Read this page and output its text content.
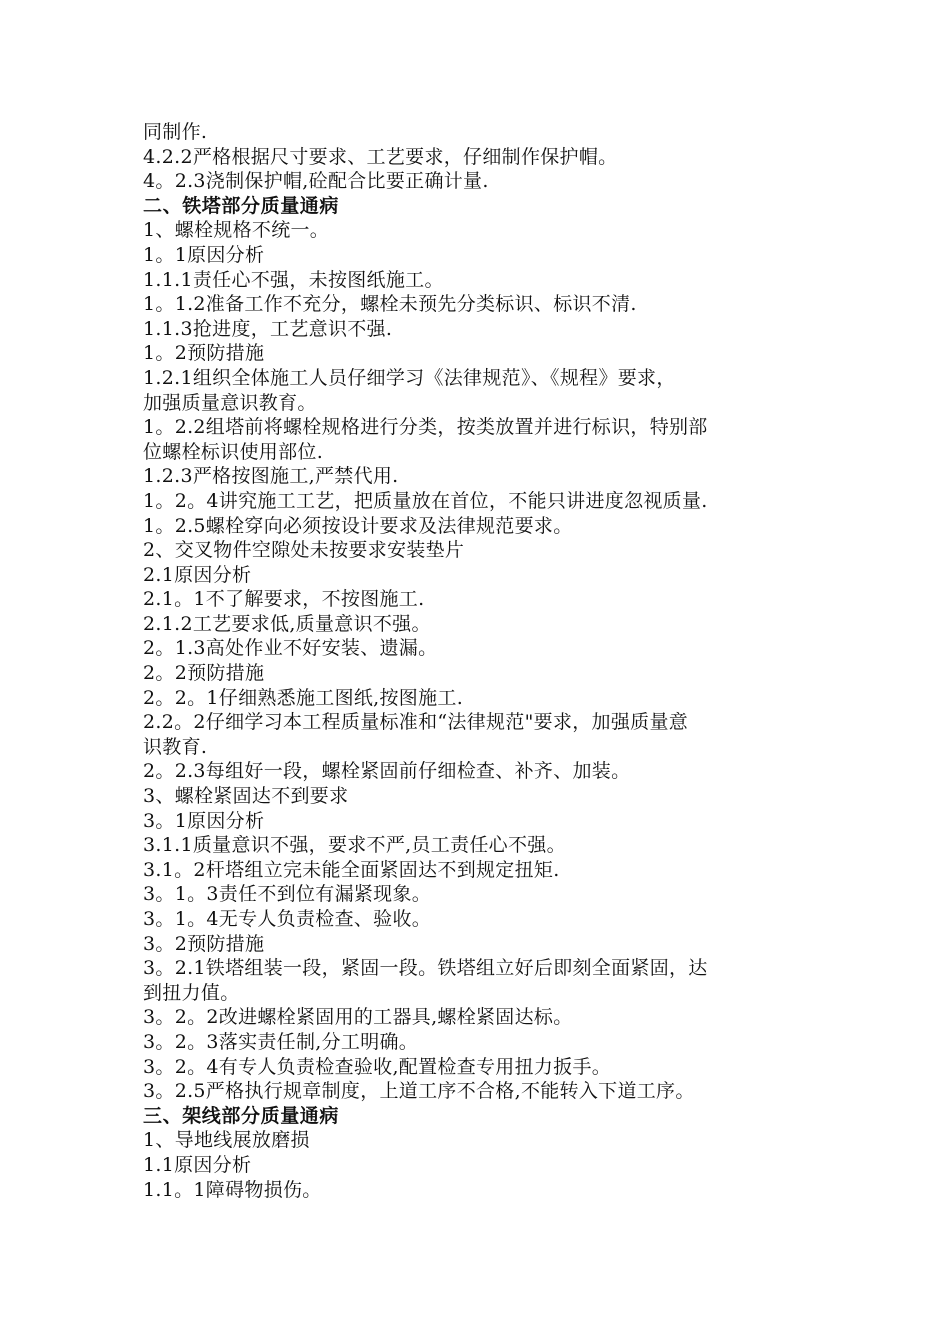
同制作.
4.2.2严格根据尺寸要求、工艺要求，仔细制作保护帽。
4。2.3浇制保护帽,砼配合比要正确计量.
二、铁塔部分质量通病
1、螺栓规格不统一。
1。1原因分析
1.1.1责任心不强，未按图纸施工。
1。1.2准备工作不充分，螺栓未预先分类标识、标识不清.
1.1.3抢进度，工艺意识不强.
1。2预防措施
1.2.1组织全体施工人员仔细学习《法律规范》、《规程》要求，
加强质量意识教育。
1。2.2组塔前将螺栓规格进行分类，按类放置并进行标识，特别部
位螺栓标识使用部位.
1.2.3严格按图施工,严禁代用.
1。2。4讲究施工工艺，把质量放在首位，不能只讲进度忽视质量.
1。2.5螺栓穿向必须按设计要求及法律规范要求。
2、交叉物件空隙处未按要求安装垫片
2.1原因分析
2.1。1不了解要求，不按图施工.
2.1.2工艺要求低,质量意识不强。
2。1.3高处作业不好安装、遗漏。
2。2预防措施
2。2。1仔细熟悉施工图纸,按图施工.
2.2。2仔细学习本工程质量标准和“法律规范"要求，加强质量意
识教育.
2。2.3每组好一段，螺栓紧固前仔细检查、补齐、加装。
3、螺栓紧固达不到要求
3。1原因分析
3.1.1质量意识不强，要求不严,员工责任心不强。
3.1。2杆塔组立完未能全面紧固达不到规定扭矩.
3。1。3责任不到位有漏紧现象。
3。1。4无专人负责检查、验收。
3。2预防措施
3。2.1铁塔组装一段，紧固一段。铁塔组立好后即刻全面紧固，达
到扭力值。
3。2。2改进螺栓紧固用的工器具,螺栓紧固达标。
3。2。3落实责任制,分工明确。
3。2。4有专人负责检查验收,配置检查专用扭力扳手。
3。2.5严格执行规章制度，上道工序不合格,不能转入下道工序。
三、架线部分质量通病
1、导地线展放磨损
1.1原因分析
1.1。1障碍物损伤。
